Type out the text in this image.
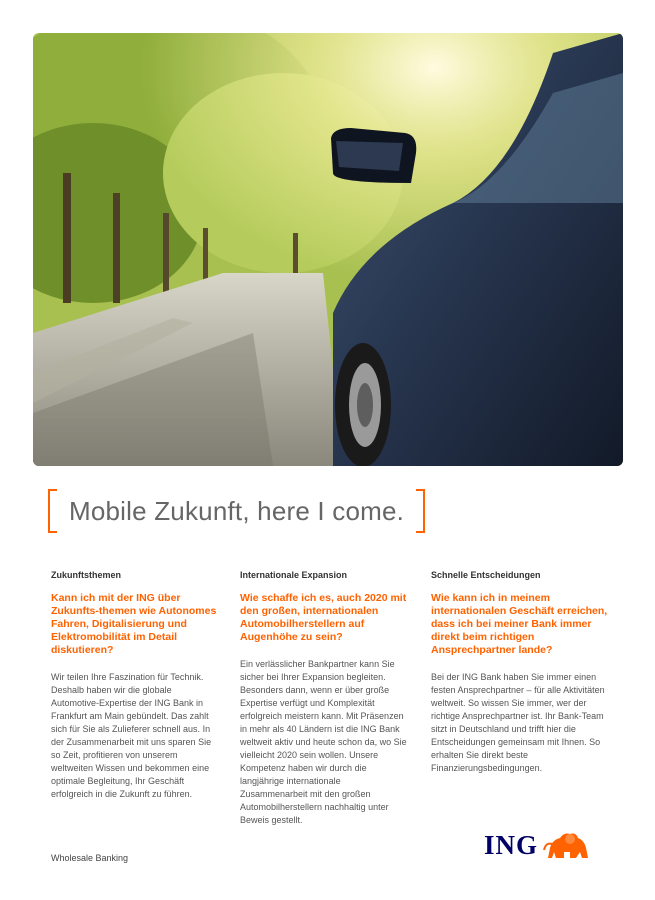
Mobile Zukunft, here I come.
Zukunftsthemen
Kann ich mit der ING über Zukunfts-themen wie Autonomes Fahren, Digitalisierung und Elektromobilität im Detail diskutieren?
Wir teilen Ihre Faszination für Technik. Deshalb haben wir die globale Automotive-Expertise der ING Bank in Frankfurt am Main gebündelt. Das zahlt sich für Sie als Zulieferer schnell aus. In der Zusammenarbeit mit uns sparen Sie so Zeit, profitieren von unserem weltweiten Wissen und bekommen eine optimale Begleitung, Ihr Geschäft erfolgreich in die Zukunft zu führen.
Internationale Expansion
Wie schaffe ich es, auch 2020 mit den großen, internationalen Automobilherstellern auf Augenhöhe zu sein?
Ein verlässlicher Bankpartner kann Sie sicher bei Ihrer Expansion begleiten. Besonders dann, wenn er über große Expertise verfügt und Komplexität erfolgreich meistern kann. Mit Präsenzen in mehr als 40 Ländern ist die ING Bank weltweit aktiv und heute schon da, wo Sie vielleicht 2020 sein wollen. Unsere Kompetenz haben wir durch die langjährige internationale Zusammenarbeit mit den großen Automobilherstellern nachhaltig unter Beweis gestellt.
Schnelle Entscheidungen
Wie kann ich in meinem internationalen Geschäft erreichen, dass ich bei meiner Bank immer direkt beim richtigen Ansprechpartner lande?
Bei der ING Bank haben Sie immer einen festen Ansprechpartner – für alle Aktivitäten weltweit. So wissen Sie immer, wer der richtige Ansprechpartner ist. Ihr Bank-Team sitzt in Deutschland und trifft hier die Entscheidungen gemeinsam mit Ihnen. So erhalten Sie direkt beste Finanzierungsbedingungen.
Wholesale Banking	ING
